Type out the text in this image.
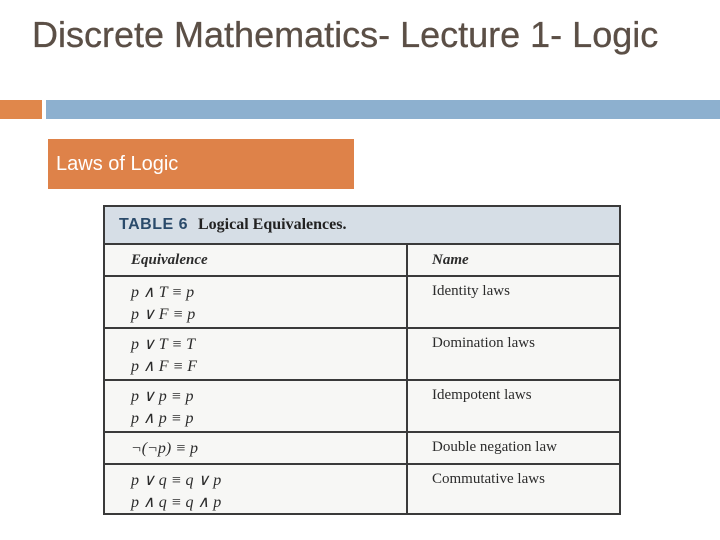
Discrete Mathematics- Lecture 1- Logic
Laws of Logic
TABLE 6 Logical Equivalences.
Equivalence	Name
p ∧ T ≡ p
p ∨ F ≡ p
Identity laws
p ∨ T ≡ T
p ∧ F ≡ F
Domination laws
p ∨ p ≡ p
p ∧ p ≡ p
Idempotent laws
¬(¬p) ≡ p	Double negation law
p ∨ q ≡ q ∨ p
p ∧ q ≡ q ∧ p
Commutative laws
